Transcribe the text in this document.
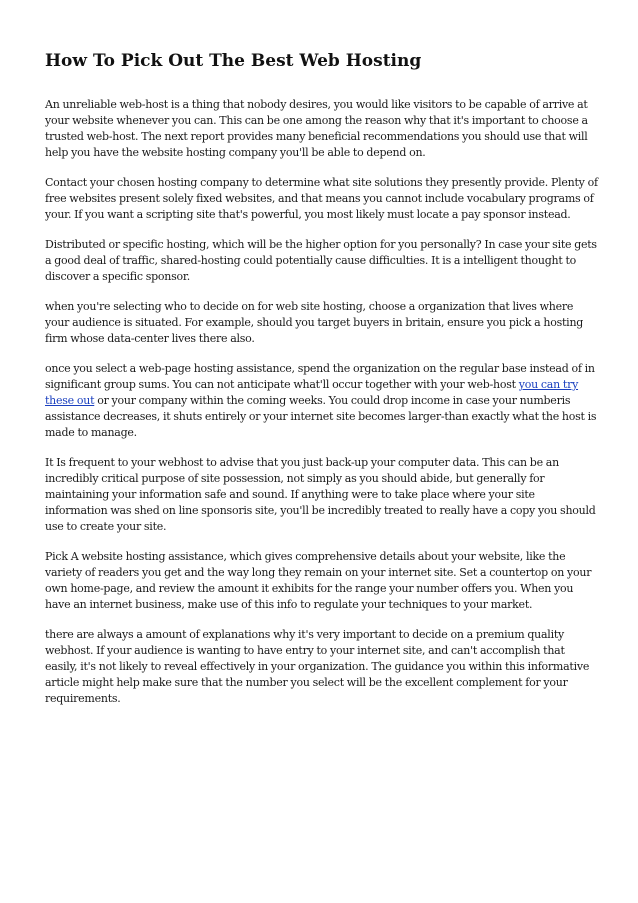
How To Pick Out The Best Web Hosting

An unreliable web-host is a thing that nobody desires, you would like visitors to be capable of arrive at your website whenever you can. This can be one among the reason why that it's important to choose a trusted web-host. The next report provides many beneficial recommendations you should use that will help you have the website hosting company you'll be able to depend on.

Contact your chosen hosting company to determine what site solutions they presently provide. Plenty of free websites present solely fixed websites, and that means you cannot include vocabulary programs of your. If you want a scripting site that's powerful, you most likely must locate a pay sponsor instead.

Distributed or specific hosting, which will be the higher option for you personally? In case your site gets a good deal of traffic, shared-hosting could potentially cause difficulties. It is a intelligent thought to discover a specific sponsor.

when you're selecting who to decide on for web site hosting, choose a organization that lives where your audience is situated. For example, should you target buyers in britain, ensure you pick a hosting firm whose data-center lives there also.

once you select a web-page hosting assistance, spend the organization on the regular base instead of in significant group sums. You can not anticipate what'll occur together with your web-host you can try these out or your company within the coming weeks. You could drop income in case your numberis assistance decreases, it shuts entirely or your internet site becomes larger-than exactly what the host is made to manage.

It Is frequent to your webhost to advise that you just back-up your computer data. This can be an incredibly critical purpose of site possession, not simply as you should abide, but generally for maintaining your information safe and sound. If anything were to take place where your site information was shed on line sponsoris site, you'll be incredibly treated to really have a copy you should use to create your site.

Pick A website hosting assistance, which gives comprehensive details about your website, like the variety of readers you get and the way long they remain on your internet site. Set a countertop on your own home-page, and review the amount it exhibits for the range your number offers you. When you have an internet business, make use of this info to regulate your techniques to your market.

there are always a amount of explanations why it's very important to decide on a premium quality webhost. If your audience is wanting to have entry to your internet site, and can't accomplish that easily, it's not likely to reveal effectively in your organization. The guidance you within this informative article might help make sure that the number you select will be the excellent complement for your requirements.
